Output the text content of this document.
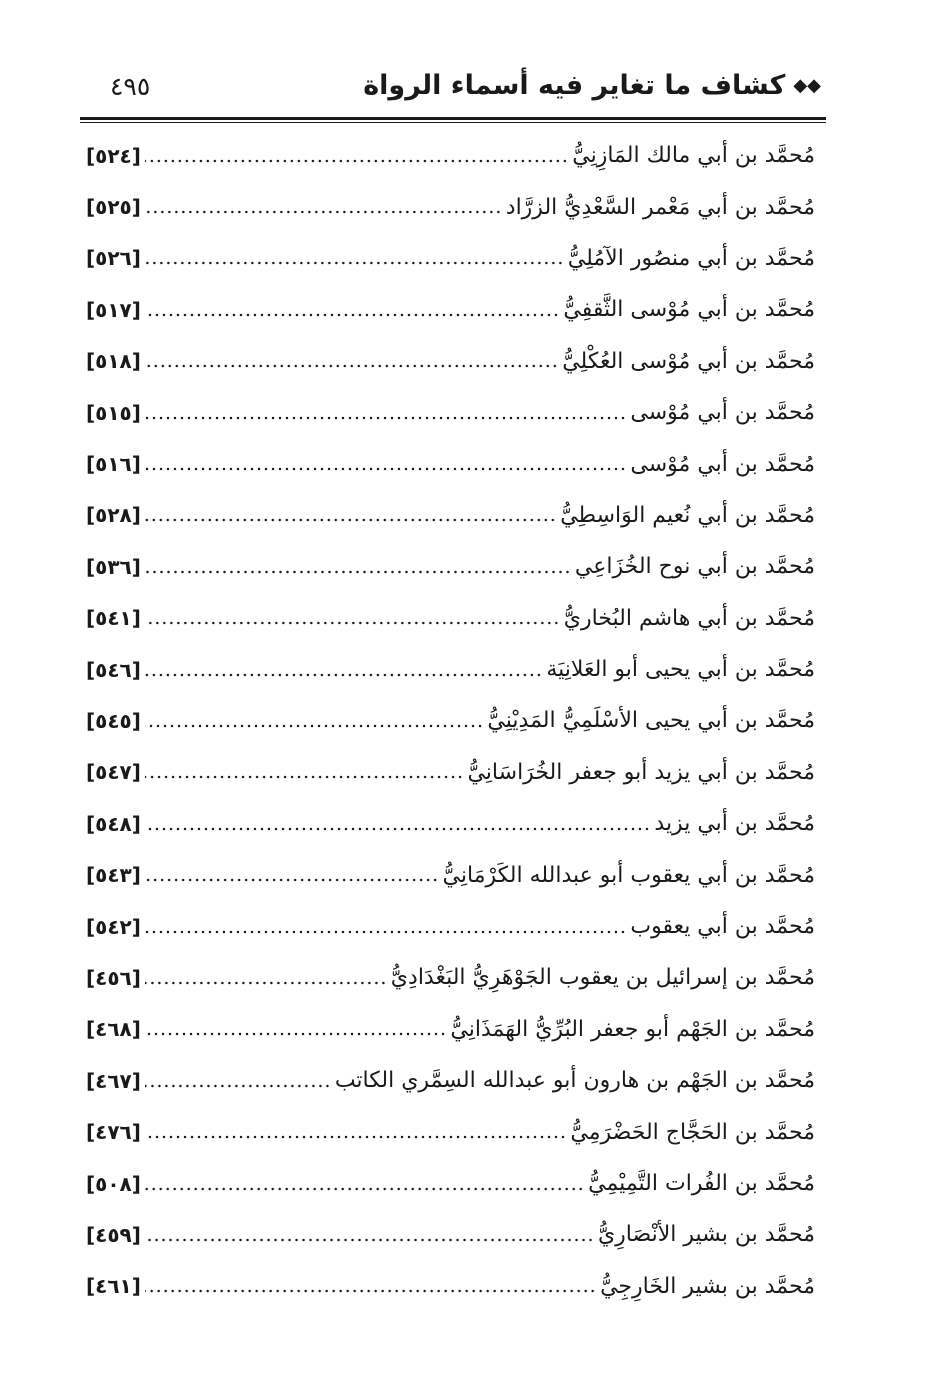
◆◆كشاف ما تغاير فيه أسماء الرواة
٤٩٥
مُحمَّد بن أبي مالك المَازِنِيُّ
[٥٢٤]
مُحمَّد بن أبي مَعْمر السَّعْدِيُّ الزرَّاد
[٥٢٥]
مُحمَّد بن أبي منصُور الآمُلِيُّ
[٥٢٦]
مُحمَّد بن أبي مُوْسى الثَّقفِيُّ
[٥١٧]
مُحمَّد بن أبي مُوْسى العُكْلِيُّ
[٥١٨]
مُحمَّد بن أبي مُوْسى
[٥١٥]
مُحمَّد بن أبي مُوْسى
[٥١٦]
مُحمَّد بن أبي نُعيم الوَاسِطِيُّ
[٥٢٨]
مُحمَّد بن أبي نوح الخُزَاعِي
[٥٣٦]
مُحمَّد بن أبي هاشم البُخاريُّ
[٥٤١]
مُحمَّد بن أبي يحيى أبو العَلانِيَة
[٥٤٦]
مُحمَّد بن أبي يحيى الأسْلَمِيُّ المَدِيْنِيُّ
[٥٤٥]
مُحمَّد بن أبي يزيد أبو جعفر الخُرَاسَانِيُّ
[٥٤٧]
مُحمَّد بن أبي يزيد
[٥٤٨]
مُحمَّد بن أبي يعقوب أبو عبدالله الكَرْمَانِيُّ
[٥٤٣]
مُحمَّد بن أبي يعقوب
[٥٤٢]
مُحمَّد بن إسرائيل بن يعقوب الجَوْهَرِيُّ البَغْدَادِيُّ
[٤٥٦]
مُحمَّد بن الجَهْم أبو جعفر البُرِّيُّ الهَمَذَانِيُّ
[٤٦٨]
مُحمَّد بن الجَهْم بن هارون أبو عبدالله السِمَّري الكاتب
[٤٦٧]
مُحمَّد بن الحَجَّاج الحَضْرَمِيُّ
[٤٧٦]
مُحمَّد بن الفُرات التَّمِيْمِيُّ
[٥٠٨]
مُحمَّد بن بشير الأنْصَارِيُّ
[٤٥٩]
مُحمَّد بن بشير الخَارِجِيُّ
[٤٦١]
